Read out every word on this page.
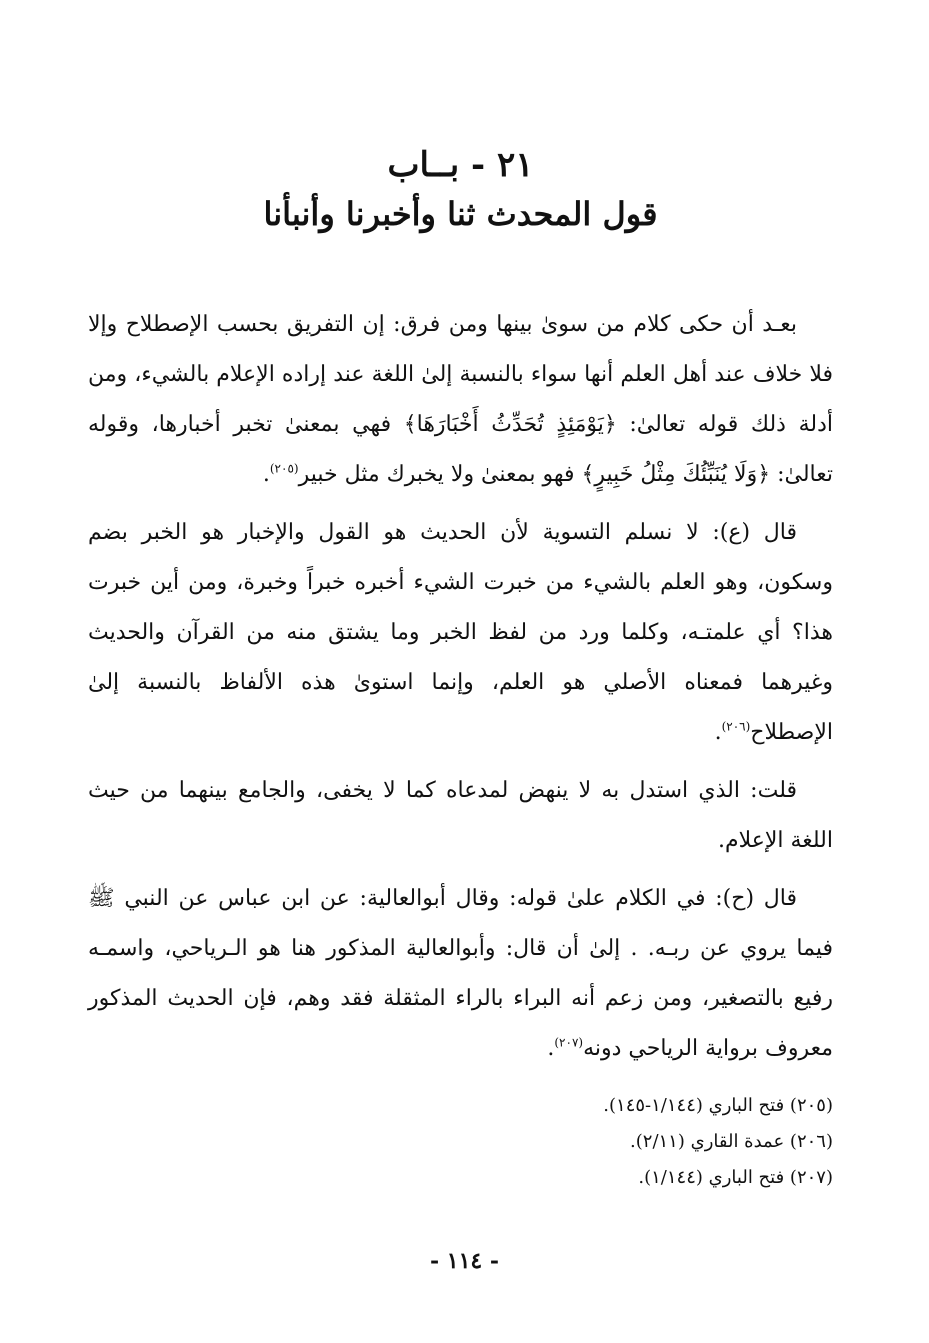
٢١ - بــاب
قول المحدث ثنا وأخبرنا وأنبأنا

بعـد أن حكى كلام من سوىٰ بينها ومن فرق: إن التفريق بحسب الإصطلاح وإلا فلا خلاف عند أهل العلم أنها سواء بالنسبة إلىٰ اللغة عند إراده الإعلام بالشيء، ومن أدلة ذلك قوله تعالىٰ: ﴿يَوْمَئِذٍ تُحَدِّثُ أَخْبَارَهَا﴾ فهي بمعنىٰ تخبر أخبارها، وقوله تعالىٰ: ﴿وَلَا يُنَبِّئُكَ مِثْلُ خَبِيرٍ﴾ فهو بمعنىٰ ولا يخبرك مثل خبير$^{(٢٠٥)}$.

قال (ع): لا نسلم التسوية لأن الحديث هو القول والإخبار هو الخبر بضم وسكون، وهو العلم بالشيء من خبرت الشيء أخبره خبراً وخبرة، ومن أين خبرت هذا؟ أي علمتـه، وكلما ورد من لفظ الخبر وما يشتق منه من القرآن والحديث وغيرهما فمعناه الأصلي هو العلم، وإنما استوىٰ هذه الألفاظ بالنسبة إلىٰ الإصطلاح$^{(٢٠٦)}$.

قلت: الذي استدل به لا ينهض لمدعاه كما لا يخفى، والجامع بينهما من حيث اللغة الإعلام.

قال (ح): في الكلام علىٰ قوله: وقال أبوالعالية: عن ابن عباس عن النبي ﷺ فيما يروي عن ربـه. . إلىٰ أن قال: وأبوالعالية المذكور هنا هو الـرياحي، واسمـه رفيع بالتصغير، ومن زعم أنه البراء بالراء المثقلة فقد وهم، فإن الحديث المذكور معروف برواية الرياحي دونه$^{(٢٠٧)}$.

(٢٠٥) فتح الباري (١/١٤٤-١٤٥).
(٢٠٦) عمدة القاري (٢/١١).
(٢٠٧) فتح الباري (١/١٤٤).
- ١١٤ -
